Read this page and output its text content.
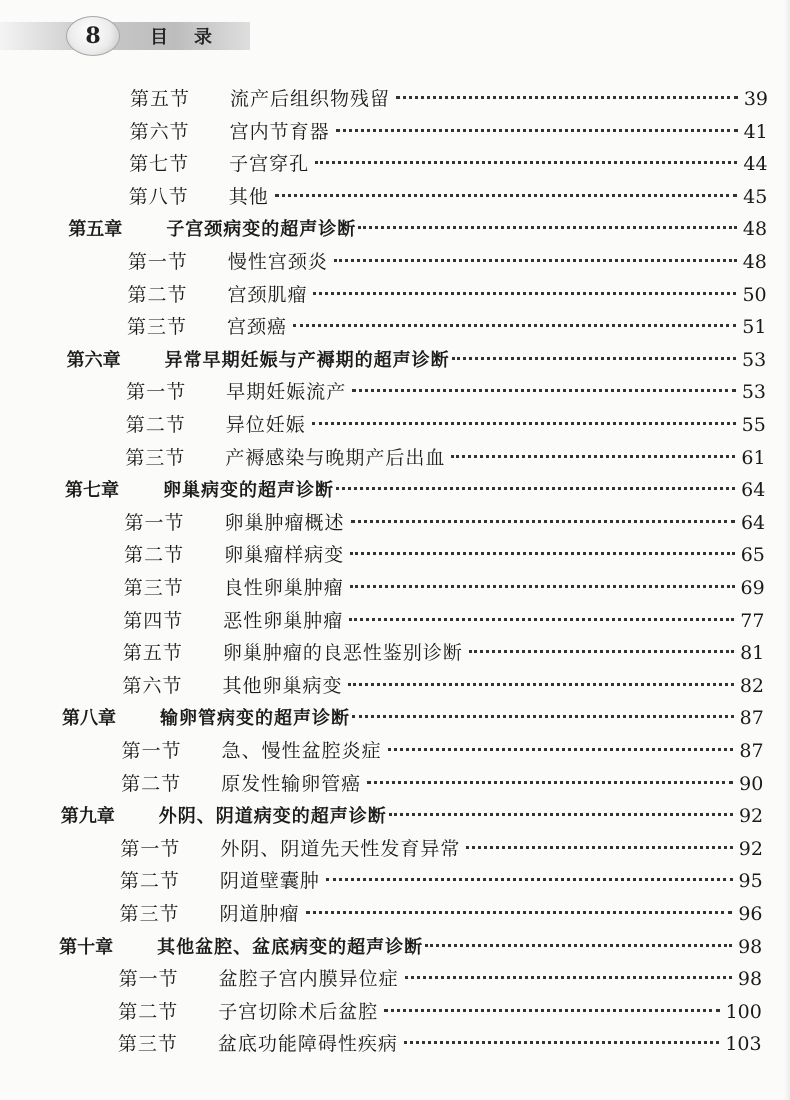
8	目录
第五节	流产后组织物残留	39
第六节	宫内节育器	41
第七节	子宫穿孔	44
第八节	其他	45
第五章	子宫颈病变的超声诊断	48
第一节	慢性宫颈炎	48
第二节	宫颈肌瘤	50
第三节	宫颈癌	51
第六章	异常早期妊娠与产褥期的超声诊断	53
第一节	早期妊娠流产	53
第二节	异位妊娠	55
第三节	产褥感染与晚期产后出血	61
第七章	卵巢病变的超声诊断	64
第一节	卵巢肿瘤概述	64
第二节	卵巢瘤样病变	65
第三节	良性卵巢肿瘤	69
第四节	恶性卵巢肿瘤	77
第五节	卵巢肿瘤的良恶性鉴别诊断	81
第六节	其他卵巢病变	82
第八章	输卵管病变的超声诊断	87
第一节	急、慢性盆腔炎症	87
第二节	原发性输卵管癌	90
第九章	外阴、阴道病变的超声诊断	92
第一节	外阴、阴道先天性发育异常	92
第二节	阴道壁囊肿	95
第三节	阴道肿瘤	96
第十章	其他盆腔、盆底病变的超声诊断	98
第一节	盆腔子宫内膜异位症	98
第二节	子宫切除术后盆腔	100
第三节	盆底功能障碍性疾病	103
